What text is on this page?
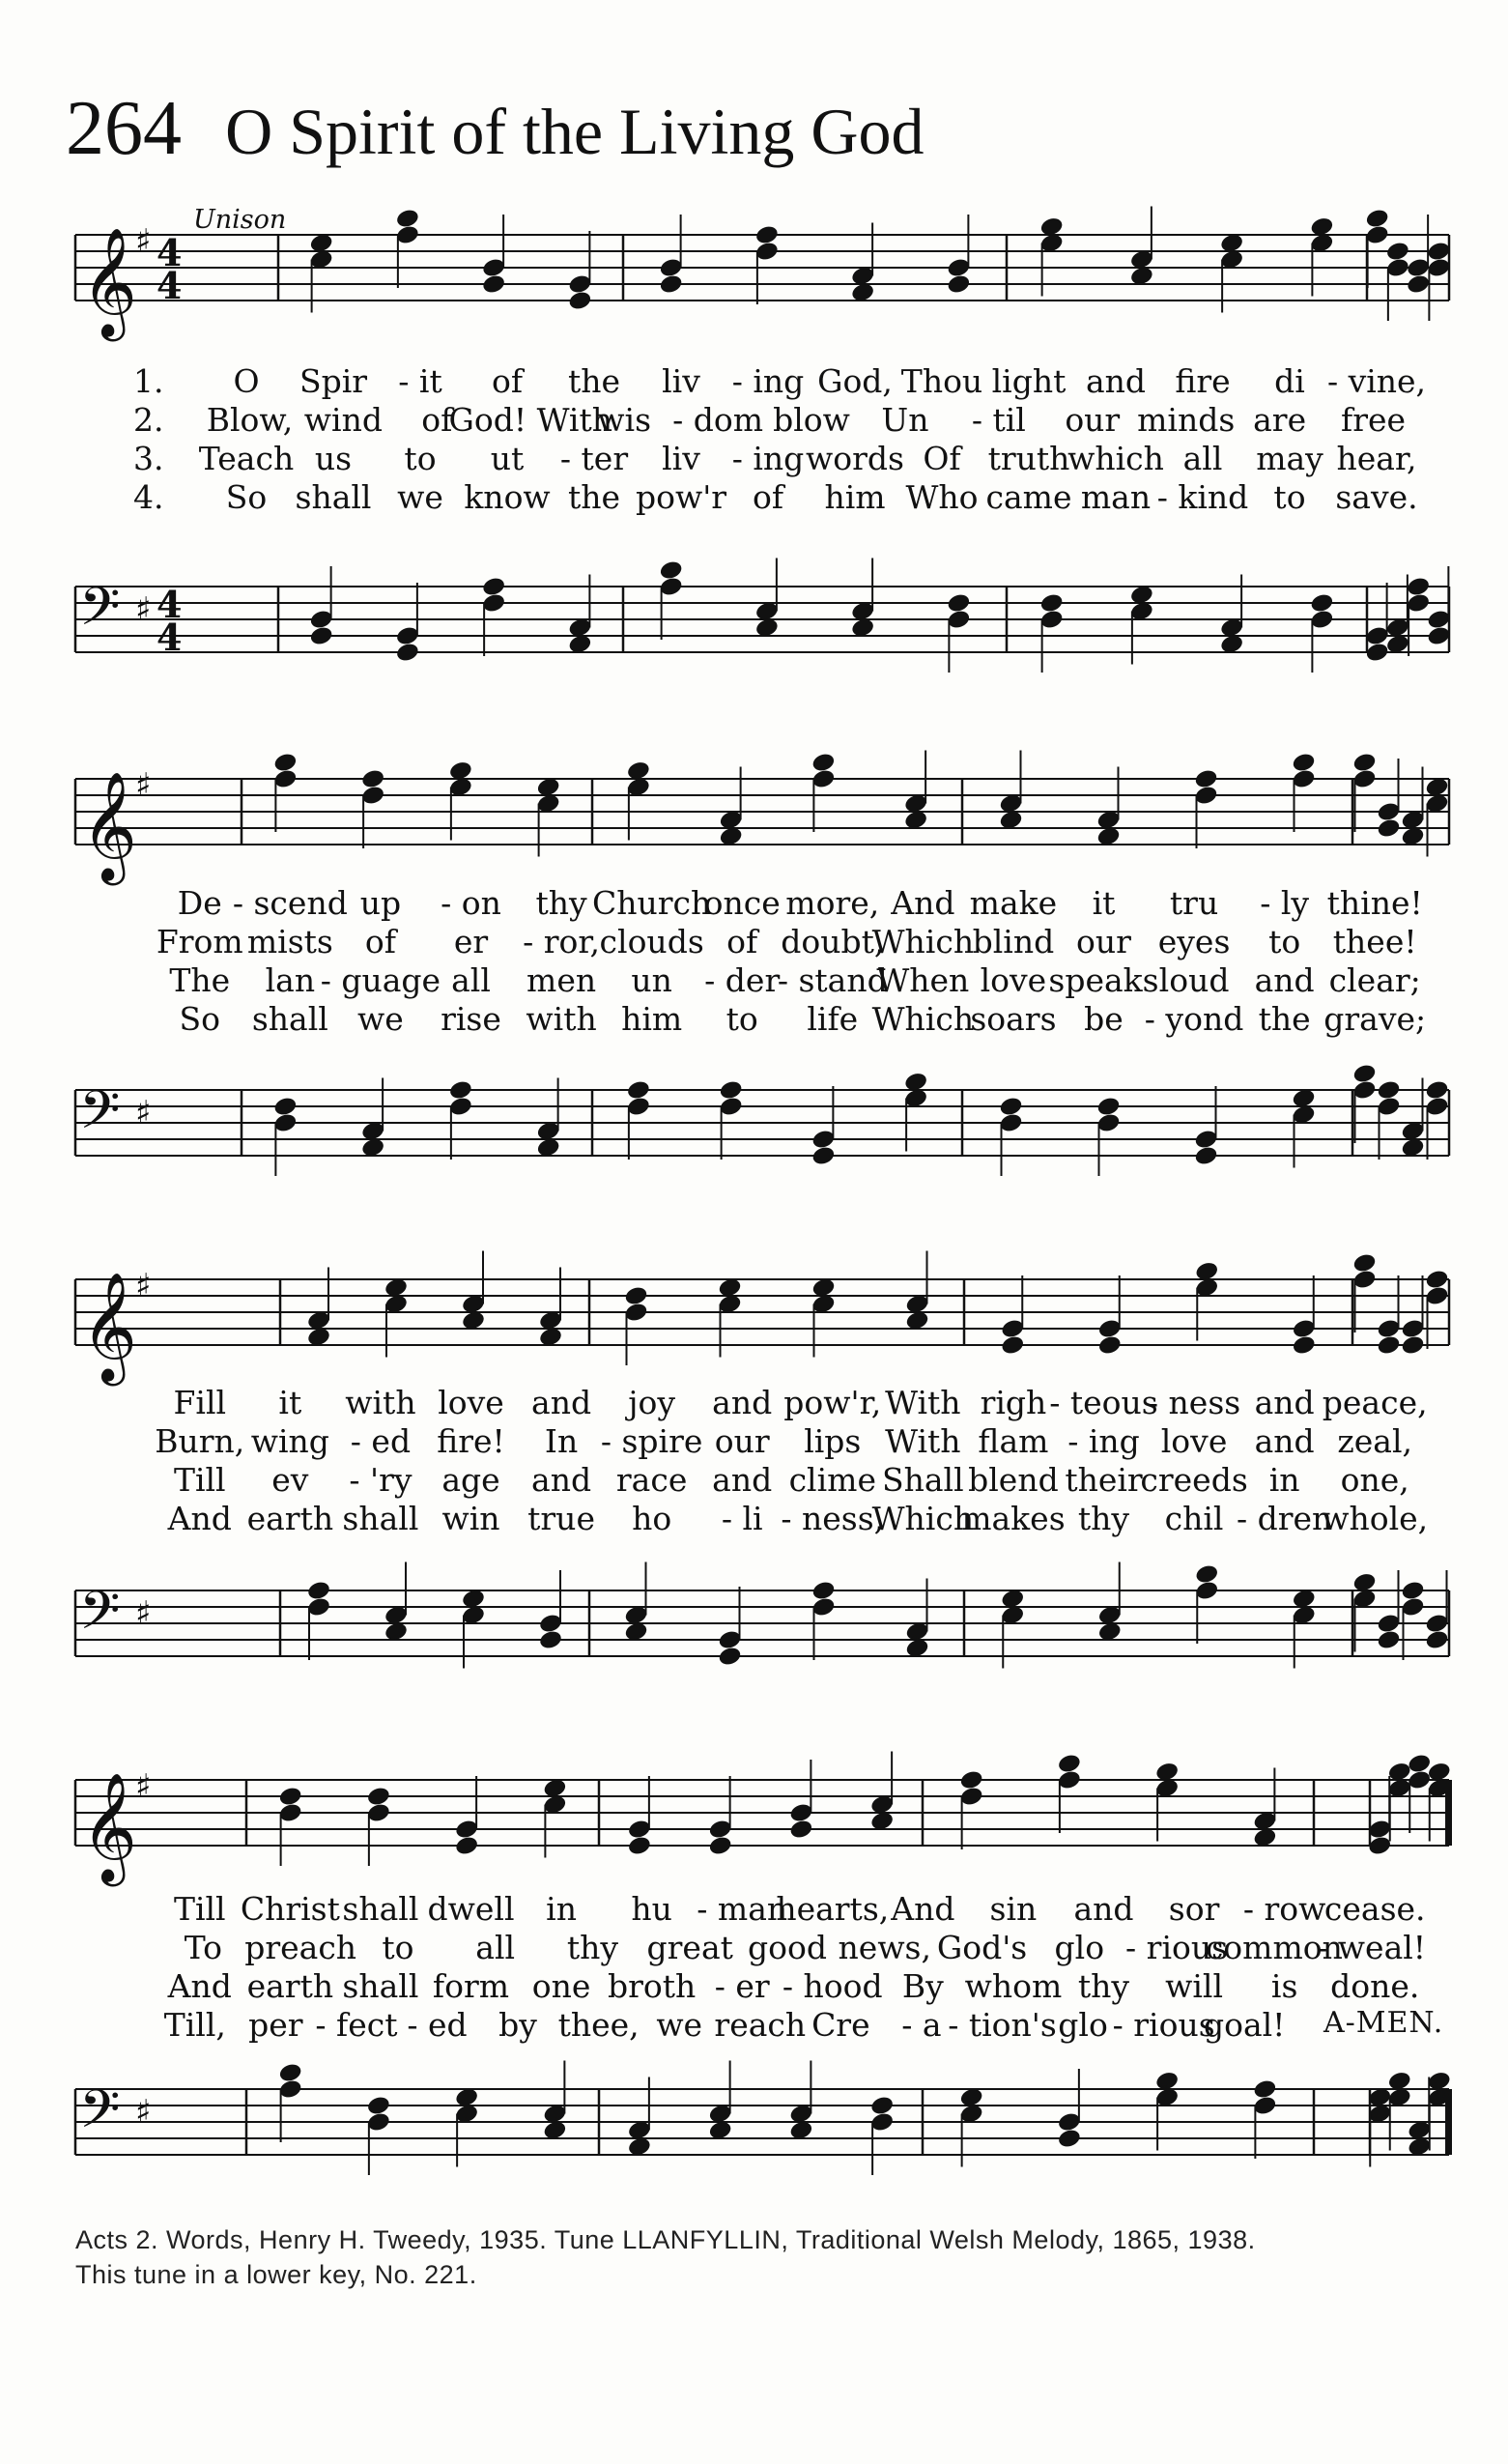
264 O Spirit of the Living God
Unison
𝄞
♯ 4
4
𝄢 ♯ 4
4
𝄞
♯
𝄢 ♯
𝄞
♯
𝄢 ♯
𝄞
♯
𝄢 ♯
A-MEN.
Acts 2. Words, Henry H. Tweedy, 1935. Tune LLANFYLLIN, Traditional Welsh Melody, 1865, 1938.
This tune in a lower key, No. 221.
1. O Spir - it of the liv - ing God, Thou light and fire di - vine,
2. Blow, wind of
God! With
wis - dom blow Un - til our minds are free
3. Teach us to ut - ter liv - ing words Of truth
which all may hear,
4. So shall we know the pow'r of him Who came man - kind to save.
De - scend up - on thy Church
once more, And make it tru - ly thine!
From mists of er - ror, clouds of doubt,
Which
blind our eyes to thee!
The lan - guage all men un - der
- stand
When love speaks loud and clear;
So shall we rise with him to life Which
soars be - yond the grave;
Fill it with love and joy and pow'r, With righ - teous
- ness and peace,
Burn, wing - ed fire! In - spire our lips With flam - ing love and zeal,
Till ev - 'ry age and race and clime Shall blend their
creeds in one,
And earth shall win true ho - li - ness,
Which
makes thy chil - dren
whole,
Till Christ shall dwell in hu - man
hearts, And sin and sor - row
cease.
To preach to all thy great good news, God's glo - rious
common
- weal!
And earth shall form one broth - er - hood By whom thy will is done.
Till, per - fect - ed by thee, we reach Cre - a - tion's glo - rious
goal!
